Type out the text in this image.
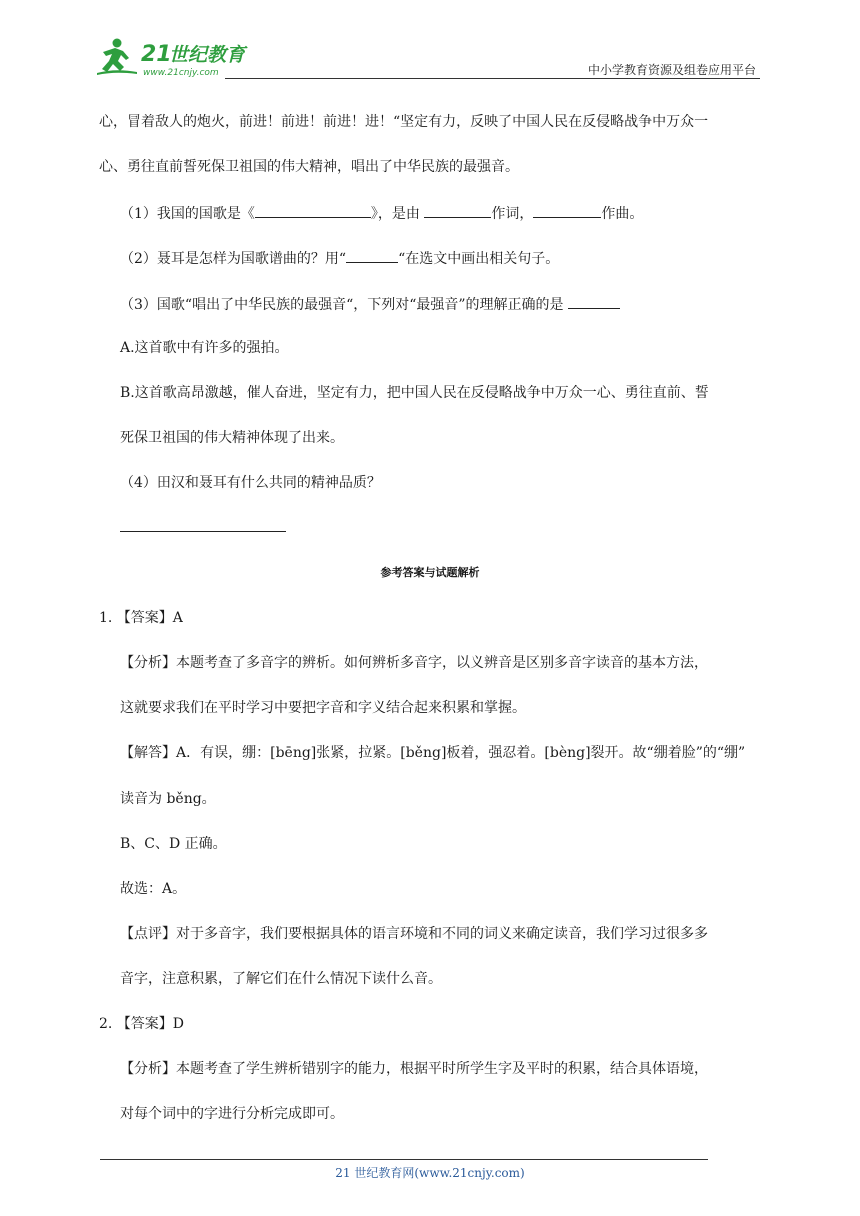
21
世纪教育
www.21cnjy.com	中小学教育资源及组卷应用平台
心，冒着敌人的炮火，前进！前进！前进！进！“坚定有力，反映了中国人民在反侵略战争中万众一
心、勇往直前誓死保卫祖国的伟大精神，唱出了中华民族的最强音。
（1）我国的国歌是《	》，是由	作词，	作曲。
（2）聂耳是怎样为国歌谱曲的？用“	“在选文中画出相关句子。
（3）国歌“唱出了中华民族的最强音“，下列对“最强音”的理解正确的是
A.这首歌中有许多的强拍。
B.这首歌高昂激越，催人奋进，坚定有力，把中国人民在反侵略战争中万众一心、勇往直前、誓
死保卫祖国的伟大精神体现了出来。
（4）田汉和聂耳有什么共同的精神品质？
参考答案与试题解析
1. 【答案】A
【分析】本题考查了多音字的辨析。如何辨析多音字，以义辨音是区别多音字读音的基本方法，
这就要求我们在平时学习中要把字音和字义结合起来积累和掌握。
【解答】A．有误，绷：[bēng]张紧，拉紧。[běng]板着，强忍着。[bèng]裂开。故“绷着脸”的“绷”
读音为 běng。
B、C、D 正确。
故选：A。
【点评】对于多音字，我们要根据具体的语言环境和不同的词义来确定读音，我们学习过很多多
音字，注意积累，了解它们在什么情况下读什么音。
2. 【答案】D
【分析】本题考查了学生辨析错别字的能力，根据平时所学生字及平时的积累，结合具体语境，
对每个词中的字进行分析完成即可。
21 世纪教育网(www.21cnjy.com)
